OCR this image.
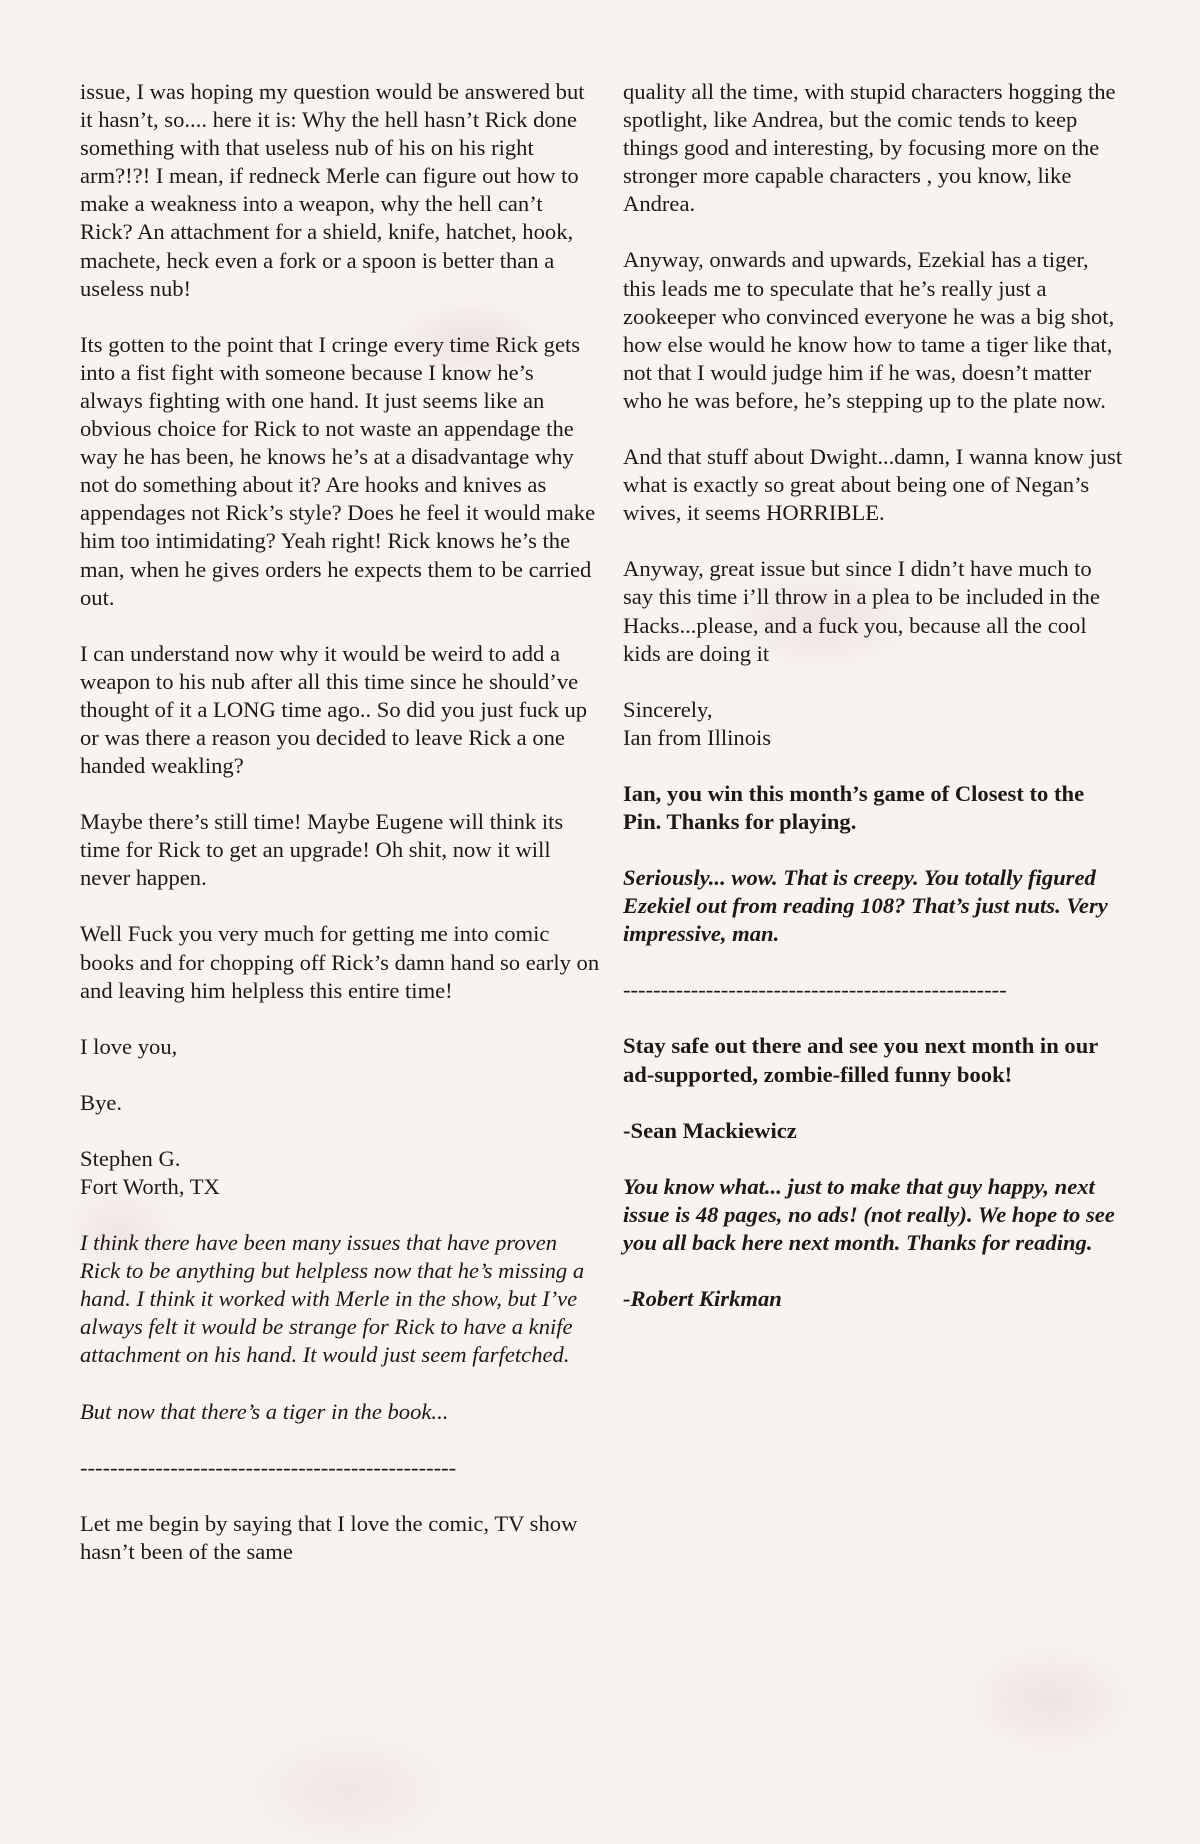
issue, I was hoping my question would be answered but it hasn’t, so.... here it is: Why the hell hasn’t Rick done something with that useless nub of his on his right arm?!?! I mean, if redneck Merle can figure out how to make a weakness into a weapon, why the hell can’t Rick? An attachment for a shield, knife, hatchet, hook, machete, heck even a fork or a spoon is better than a useless nub!

Its gotten to the point that I cringe every time Rick gets into a fist fight with someone because I know he’s always fighting with one hand. It just seems like an obvious choice for Rick to not waste an appendage the way he has been, he knows he’s at a disadvantage why not do something about it? Are hooks and knives as appendages not Rick’s style? Does he feel it would make him too intimidating? Yeah right! Rick knows he’s the man, when he gives orders he expects them to be carried out.

I can understand now why it would be weird to add a weapon to his nub after all this time since he should’ve thought of it a LONG time ago.. So did you just fuck up or was there a reason you decided to leave Rick a one handed weakling?

Maybe there’s still time! Maybe Eugene will think its time for Rick to get an upgrade! Oh shit, now it will never happen.

Well Fuck you very much for getting me into comic books and for chopping off Rick’s damn hand so early on and leaving him helpless this entire time!

I love you,

Bye.

Stephen G.
Fort Worth, TX

I think there have been many issues that have proven Rick to be anything but helpless now that he’s missing a hand. I think it worked with Merle in the show, but I’ve always felt it would be strange for Rick to have a knife attachment on his hand. It would just seem farfetched.

But now that there’s a tiger in the book...

--------------------------------------------------

Let me begin by saying that I love the comic, TV show hasn’t been of the same

quality all the time, with stupid characters hogging the spotlight, like Andrea, but the comic tends to keep things good and interesting, by focusing more on the stronger more capable characters , you know, like Andrea.

Anyway, onwards and upwards, Ezekial has a tiger, this leads me to speculate that he’s really just a zookeeper who convinced everyone he was a big shot, how else would he know how to tame a tiger like that, not that I would judge him if he was, doesn’t matter who he was before, he’s stepping up to the plate now.

And that stuff about Dwight...damn, I wanna know just what is exactly so great about being one of Negan’s wives, it seems HORRIBLE.

Anyway, great issue but since I didn’t have much to say this time i’ll throw in a plea to be included in the Hacks...please, and a fuck you, because all the cool kids are doing it

Sincerely,
Ian from Illinois

Ian, you win this month’s game of Closest to the Pin. Thanks for playing.

Seriously... wow. That is creepy. You totally figured Ezekiel out from reading 108? That’s just nuts. Very impressive, man.

---------------------------------------------------

Stay safe out there and see you next month in our ad-supported, zombie-filled funny book!

-Sean Mackiewicz

You know what... just to make that guy happy, next issue is 48 pages, no ads! (not really). We hope to see you all back here next month. Thanks for reading.

-Robert Kirkman
